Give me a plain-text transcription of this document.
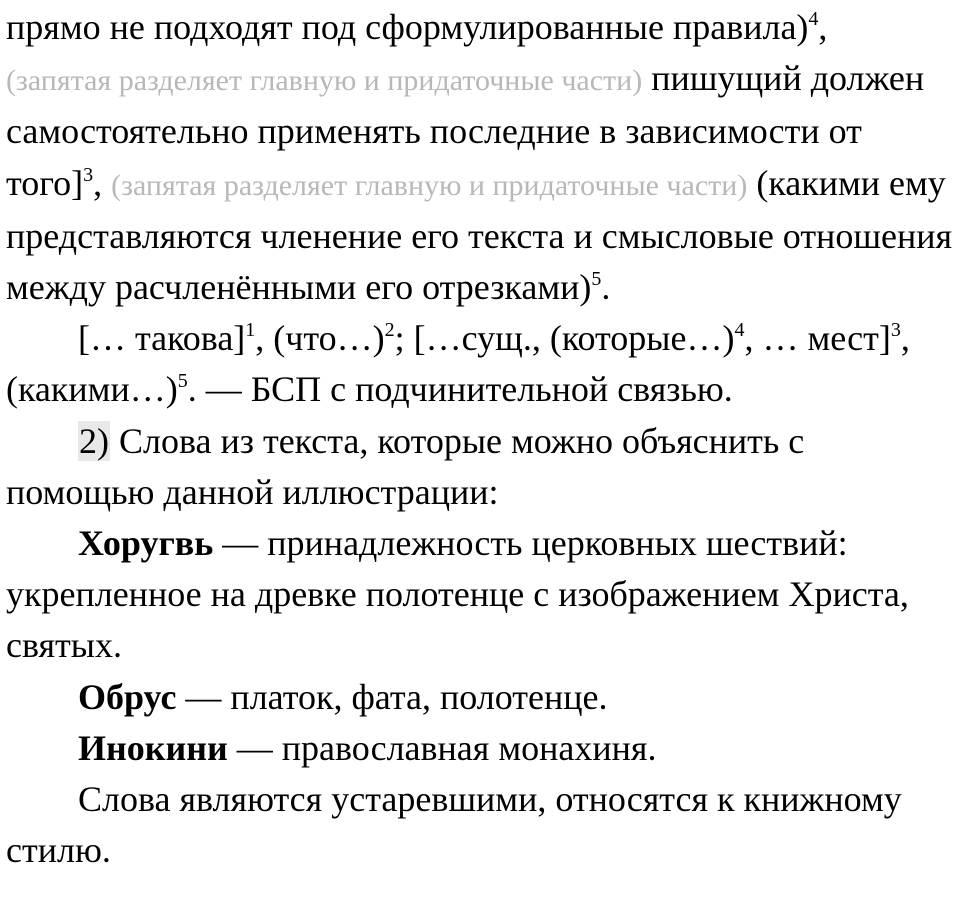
прямо не подходят под сформулированные правила)$^4$,
(запятая разделяет главную и придаточные части) пишущий должен самостоятельно применять последние в зависимости от того]$^3$, (запятая разделяет главную и придаточные части) (какими ему представляются членение его текста и смысловые отношения между расчленёнными его отрезками)$^5$.

[… такова]$^1$, (что…)$^2$; […сущ., (которые…)$^4$, … мест]$^3$, (какими…)$^5$. — БСП с подчинительной связью.

2) Слова из текста, которые можно объяснить с помощью данной иллюстрации:

Хоругвь — принадлежность церковных шествий: укрепленное на древке полотенце с изображением Христа, святых.

Обрус — платок, фата, полотенце.

Инокини — православная монахиня.

Слова являются устаревшими, относятся к книжному стилю.
